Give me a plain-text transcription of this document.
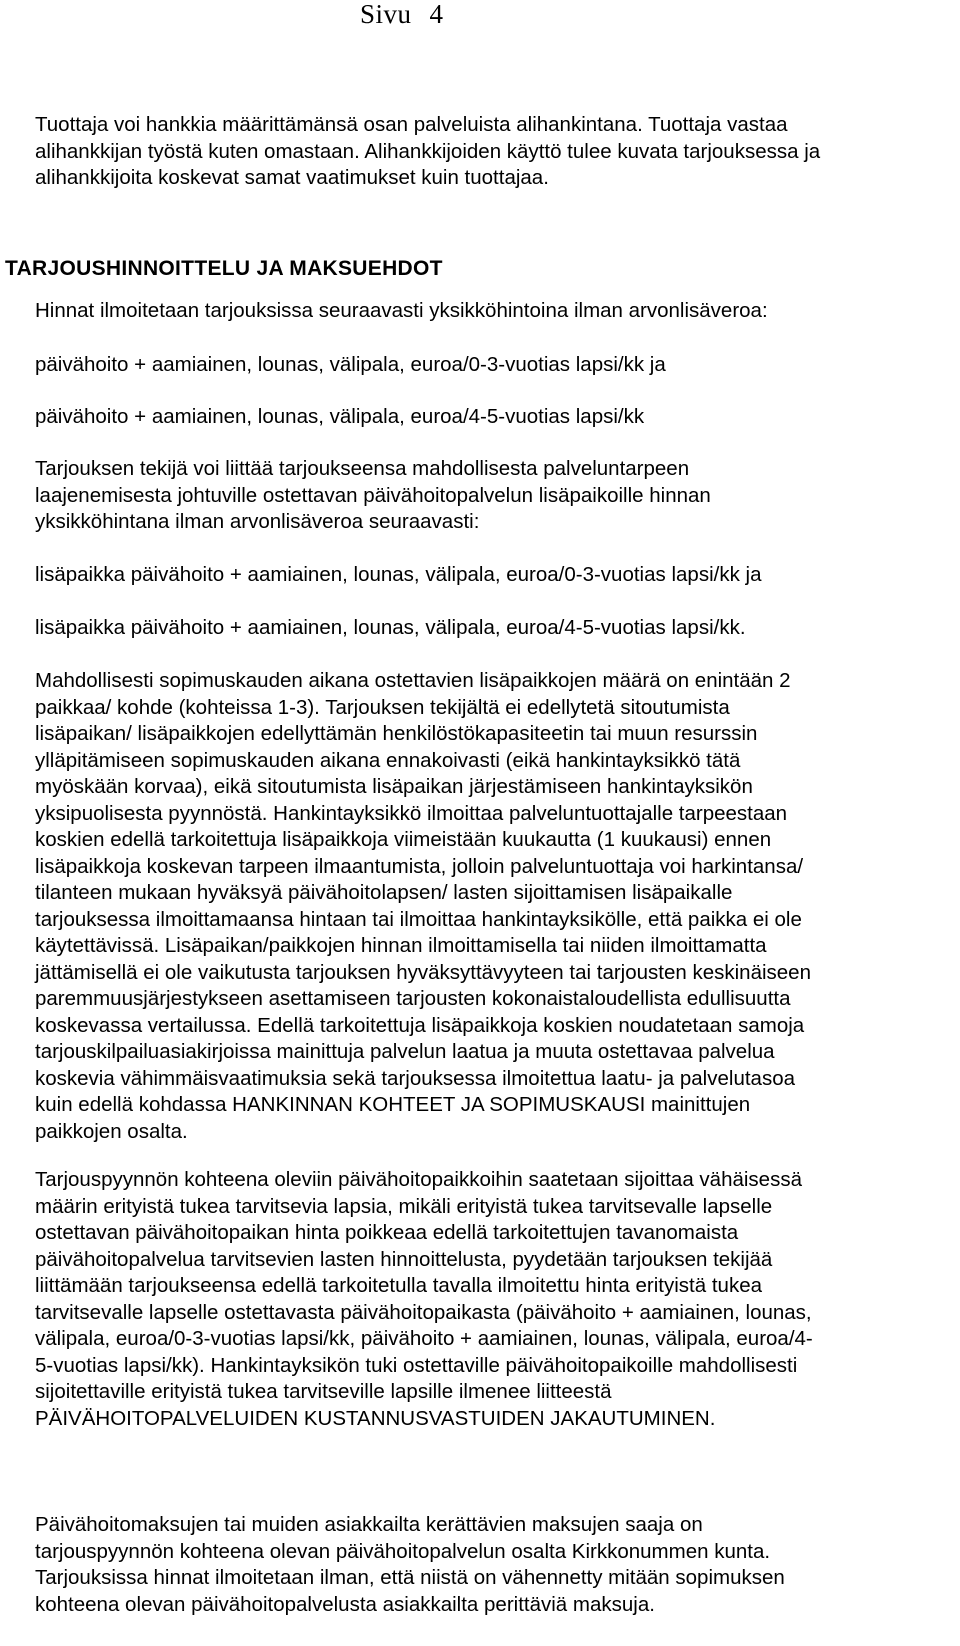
Sivu 4
Tuottaja voi hankkia määrittämänsä osan palveluista alihankintana. Tuottaja vastaa
alihankkijan työstä kuten omastaan. Alihankkijoiden käyttö tulee kuvata tarjouksessa ja
alihankkijoita koskevat samat vaatimukset kuin tuottajaa.
TARJOUSHINNOITTELU JA MAKSUEHDOT
Hinnat ilmoitetaan tarjouksissa seuraavasti yksikköhintoina ilman arvonlisäveroa:
päivähoito + aamiainen, lounas, välipala, euroa/0-3-vuotias lapsi/kk ja
päivähoito + aamiainen, lounas, välipala, euroa/4-5-vuotias lapsi/kk
Tarjouksen tekijä voi liittää tarjoukseensa mahdollisesta palveluntarpeen
laajenemisesta johtuville ostettavan päivähoitopalvelun lisäpaikoille hinnan
yksikköhintana ilman arvonlisäveroa seuraavasti:
lisäpaikka päivähoito + aamiainen, lounas, välipala, euroa/0-3-vuotias lapsi/kk ja
lisäpaikka päivähoito + aamiainen, lounas, välipala, euroa/4-5-vuotias lapsi/kk.
Mahdollisesti sopimuskauden aikana ostettavien lisäpaikkojen määrä on enintään 2
paikkaa/ kohde (kohteissa 1-3). Tarjouksen tekijältä ei edellytetä sitoutumista
lisäpaikan/ lisäpaikkojen edellyttämän henkilöstökapasiteetin tai muun resurssin
ylläpitämiseen sopimuskauden aikana ennakoivasti (eikä hankintayksikkö tätä
myöskään korvaa), eikä sitoutumista lisäpaikan järjestämiseen hankintayksikön
yksipuolisesta pyynnöstä. Hankintayksikkö ilmoittaa palveluntuottajalle tarpeestaan
koskien edellä tarkoitettuja lisäpaikkoja viimeistään kuukautta (1 kuukausi) ennen
lisäpaikkoja koskevan tarpeen ilmaantumista, jolloin palveluntuottaja voi harkintansa/
tilanteen mukaan hyväksyä päivähoitolapsen/ lasten sijoittamisen lisäpaikalle
tarjouksessa ilmoittamaansa hintaan tai ilmoittaa hankintayksikölle, että paikka ei ole
käytettävissä. Lisäpaikan/paikkojen hinnan ilmoittamisella tai niiden ilmoittamatta
jättämisellä ei ole vaikutusta tarjouksen hyväksyttävyyteen tai tarjousten keskinäiseen
paremmuusjärjestykseen asettamiseen tarjousten kokonaistaloudellista edullisuutta
koskevassa vertailussa. Edellä tarkoitettuja lisäpaikkoja koskien noudatetaan samoja
tarjouskilpailuasiakirjoissa mainittuja palvelun laatua ja muuta ostettavaa palvelua
koskevia vähimmäisvaatimuksia sekä tarjouksessa ilmoitettua laatu- ja palvelutasoa
kuin edellä kohdassa HANKINNAN KOHTEET JA SOPIMUSKAUSI mainittujen
paikkojen osalta.
Tarjouspyynnön kohteena oleviin päivähoitopaikkoihin saatetaan sijoittaa vähäisessä
määrin erityistä tukea tarvitsevia lapsia, mikäli erityistä tukea tarvitsevalle lapselle
ostettavan päivähoitopaikan hinta poikkeaa edellä tarkoitettujen tavanomaista
päivähoitopalvelua tarvitsevien lasten hinnoittelusta, pyydetään tarjouksen tekijää
liittämään tarjoukseensa edellä tarkoitetulla tavalla ilmoitettu hinta erityistä tukea
tarvitsevalle lapselle ostettavasta päivähoitopaikasta (päivähoito + aamiainen, lounas,
välipala, euroa/0-3-vuotias lapsi/kk, päivähoito + aamiainen, lounas, välipala, euroa/4-
5-vuotias lapsi/kk). Hankintayksikön tuki ostettaville päivähoitopaikoille mahdollisesti
sijoitettaville erityistä tukea tarvitseville lapsille ilmenee liitteestä
PÄIVÄHOITOPALVELUIDEN KUSTANNUSVASTUIDEN JAKAUTUMINEN.
Päivähoitomaksujen tai muiden asiakkailta kerättävien maksujen saaja on
tarjouspyynnön kohteena olevan päivähoitopalvelun osalta Kirkkonummen kunta.
Tarjouksissa hinnat ilmoitetaan ilman, että niistä on vähennetty mitään sopimuksen
kohteena olevan päivähoitopalvelusta asiakkailta perittäviä maksuja.
